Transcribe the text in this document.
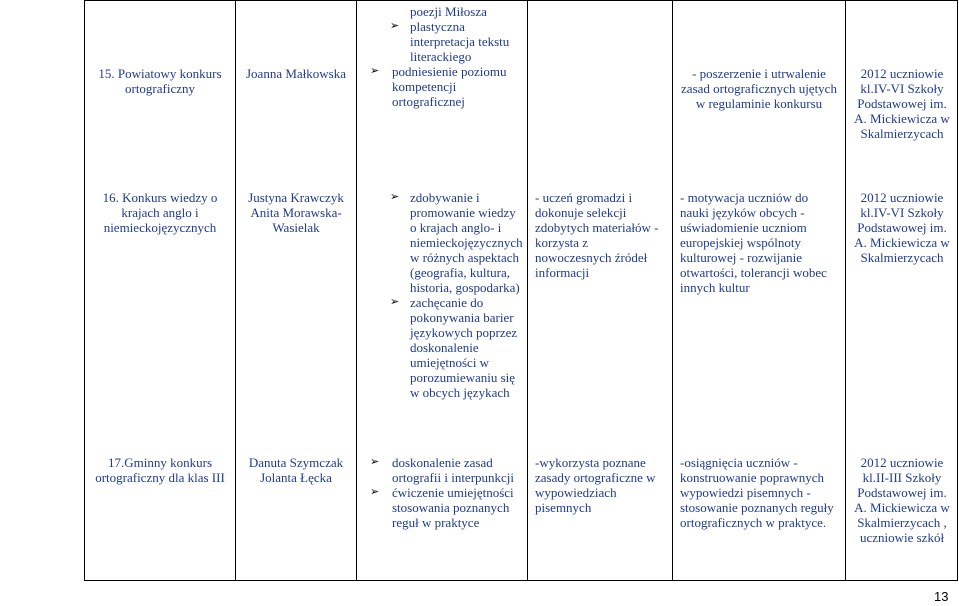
poezji Miłosza
➢ plastyczna interpretacja tekstu literackiego
➢ podniesienie poziomu kompetencji ortograficznej
15. Powiatowy konkurs ortograficzny
Joanna Małkowska	- poszerzenie i utrwalenie zasad ortograficznych ujętych w regulaminie konkursu
2012 uczniowie kl.IV-VI Szkoły Podstawowej im. A. Mickiewicza w Skalmierzycach
16. Konkurs wiedzy o krajach anglo i niemieckojęzycznych
Justyna Krawczyk Anita Morawska-Wasielak
➢ zdobywanie i promowanie wiedzy o krajach anglo- i niemieckojęzycznych w różnych aspektach (geografia, kultura, historia, gospodarka)
➢ zachęcanie do pokonywania barier językowych poprzez doskonalenie umiejętności w porozumiewaniu się w obcych językach
- uczeń gromadzi i dokonuje selekcji zdobytych materiałów - korzysta z nowoczesnych źródeł informacji
- motywacja uczniów do nauki języków obcych - uświadomienie uczniom europejskiej wspólnoty kulturowej - rozwijanie otwartości, tolerancji wobec innych kultur
2012 uczniowie kl.IV-VI Szkoły Podstawowej im. A. Mickiewicza w Skalmierzycach
17.Gminny konkurs ortograficzny dla klas III
Danuta Szymczak Jolanta Łęcka
➢ doskonalenie zasad ortografii i interpunkcji
➢ ćwiczenie umiejętności stosowania poznanych reguł w praktyce
-wykorzysta poznane zasady ortograficzne w wypowiedziach pisemnych
-osiągnięcia uczniów -konstruowanie poprawnych wypowiedzi pisemnych - stosowanie poznanych reguły ortograficznych w praktyce.
2012 uczniowie kl.II-III Szkoły Podstawowej im. A. Mickiewicza w Skalmierzycach , uczniowie szkół
13
